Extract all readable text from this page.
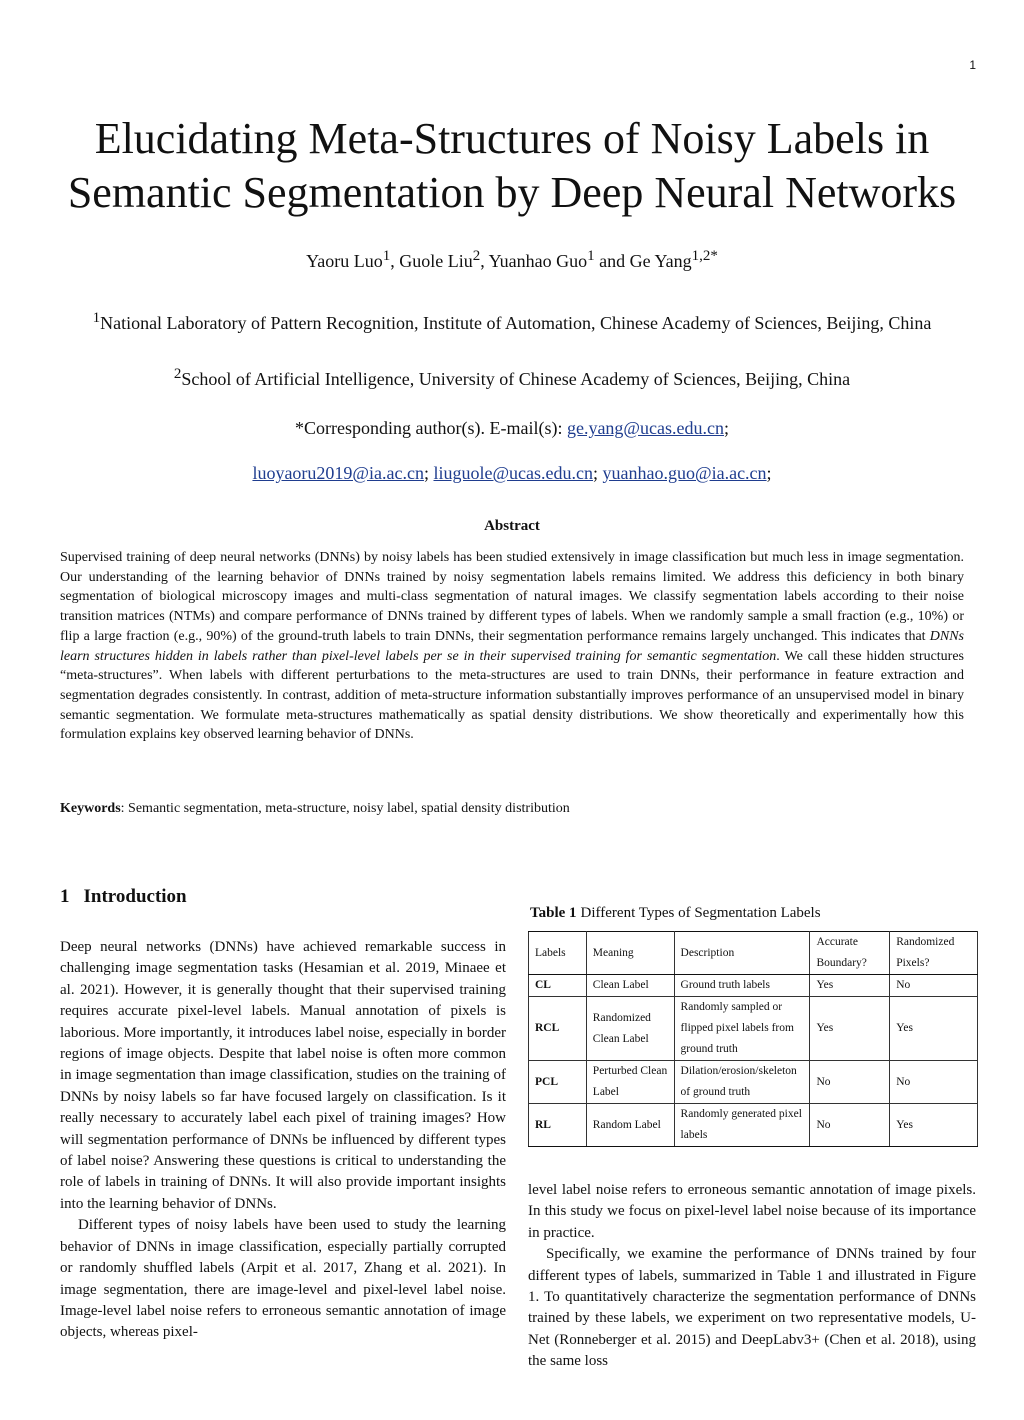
1
Elucidating Meta-Structures of Noisy Labels in
Semantic Segmentation by Deep Neural Networks
Yaoru Luo$^1$, Guole Liu$^2$, Yuanhao Guo$^1$ and Ge Yang$^{1,2*}$
$^1$National Laboratory of Pattern Recognition, Institute of Automation, Chinese Academy of Sciences, Beijing, China
$^2$School of Artificial Intelligence, University of Chinese Academy of Sciences, Beijing, China
*Corresponding author(s). E-mail(s): ge.yang@ucas.edu.cn;
luoyaoru2019@ia.ac.cn; liuguole@ucas.edu.cn; yuanhao.guo@ia.ac.cn;
Abstract
Supervised training of deep neural networks (DNNs) by noisy labels has been studied extensively in image classification but much less in image segmentation. Our understanding of the learning behavior of DNNs trained by noisy segmentation labels remains limited. We address this deficiency in both binary segmentation of biological microscopy images and multi-class segmentation of natural images. We classify segmentation labels according to their noise transition matrices (NTMs) and compare performance of DNNs trained by different types of labels. When we randomly sample a small fraction (e.g., 10%) or flip a large fraction (e.g., 90%) of the ground-truth labels to train DNNs, their segmentation performance remains largely unchanged. This indicates that DNNs learn structures hidden in labels rather than pixel-level labels per se in their supervised training for semantic segmentation. We call these hidden structures “meta-structures”. When labels with different perturbations to the meta-structures are used to train DNNs, their performance in feature extraction and segmentation degrades consistently. In contrast, addition of meta-structure information substantially improves performance of an unsupervised model in binary semantic segmentation. We formulate meta-structures mathematically as spatial density distributions. We show theoretically and experimentally how this formulation explains key observed learning behavior of DNNs.
Keywords: Semantic segmentation, meta-structure, noisy label, spatial density distribution
1 Introduction

Deep neural networks (DNNs) have achieved remarkable success in challenging image segmentation tasks (Hesamian et al. 2019, Minaee et al. 2021). However, it is generally thought that their supervised training requires accurate pixel-level labels. Manual annotation of pixels is laborious. More importantly, it introduces label noise, especially in border regions of image objects. Despite that label noise is often more common in image segmentation than image classification, studies on the training of DNNs by noisy labels so far have focused largely on classification. Is it really necessary to accurately label each pixel of training images? How will segmentation performance of DNNs be influenced by different types of label noise? Answering these questions is critical to understanding the role of labels in training of DNNs. It will also provide important insights into the learning behavior of DNNs.

Different types of noisy labels have been used to study the learning behavior of DNNs in image classification, especially partially corrupted or randomly shuffled labels (Arpit et al. 2017, Zhang et al. 2021). In image segmentation, there are image-level and pixel-level label noise. Image-level label noise refers to erroneous semantic annotation of image objects, whereas pixel-

Table 1 Different Types of Segmentation Labels
Labels	Meaning	Description	Accurate Boundary?	Randomized Pixels?
CL	Clean Label	Ground truth labels	Yes	No
RCL	Randomized Clean Label	Randomly sampled or flipped pixel labels from ground truth	Yes	Yes
PCL	Perturbed Clean Label	Dilation/erosion/skeleton of ground truth	No	No
RL	Random Label	Randomly generated pixel labels	No	Yes

level label noise refers to erroneous semantic annotation of image pixels. In this study we focus on pixel-level label noise because of its importance in practice.

Specifically, we examine the performance of DNNs trained by four different types of labels, summarized in Table 1 and illustrated in Figure 1. To quantitatively characterize the segmentation performance of DNNs trained by these labels, we experiment on two representative models, U-Net (Ronneberger et al. 2015) and DeepLabv3+ (Chen et al. 2018), using the same loss
